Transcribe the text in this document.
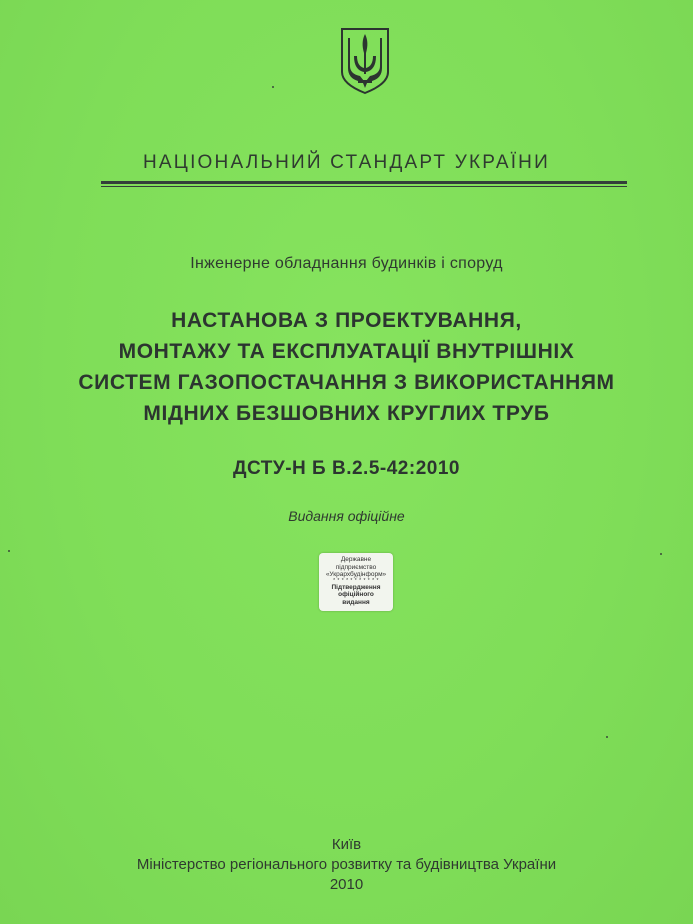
НАЦІОНАЛЬНИЙ СТАНДАРТ УКРАЇНИ
Інженерне обладнання будинків і споруд
НАСТАНОВА З ПРОЕКТУВАННЯ,
МОНТАЖУ ТА ЕКСПЛУАТАЦІЇ ВНУТРІШНІХ
СИСТЕМ ГАЗОПОСТАЧАННЯ З ВИКОРИСТАННЯМ
МІДНИХ БЕЗШОВНИХ КРУГЛИХ ТРУБ
ДСТУ-Н Б В.2.5-42:2010
Видання офіційне
Державне
підприємство
«Укрархбудінформ»
* * * * * * * * * * *
Підтвердження
офіційного
видання
Київ
Міністерство регіонального розвитку та будівництва України
2010
